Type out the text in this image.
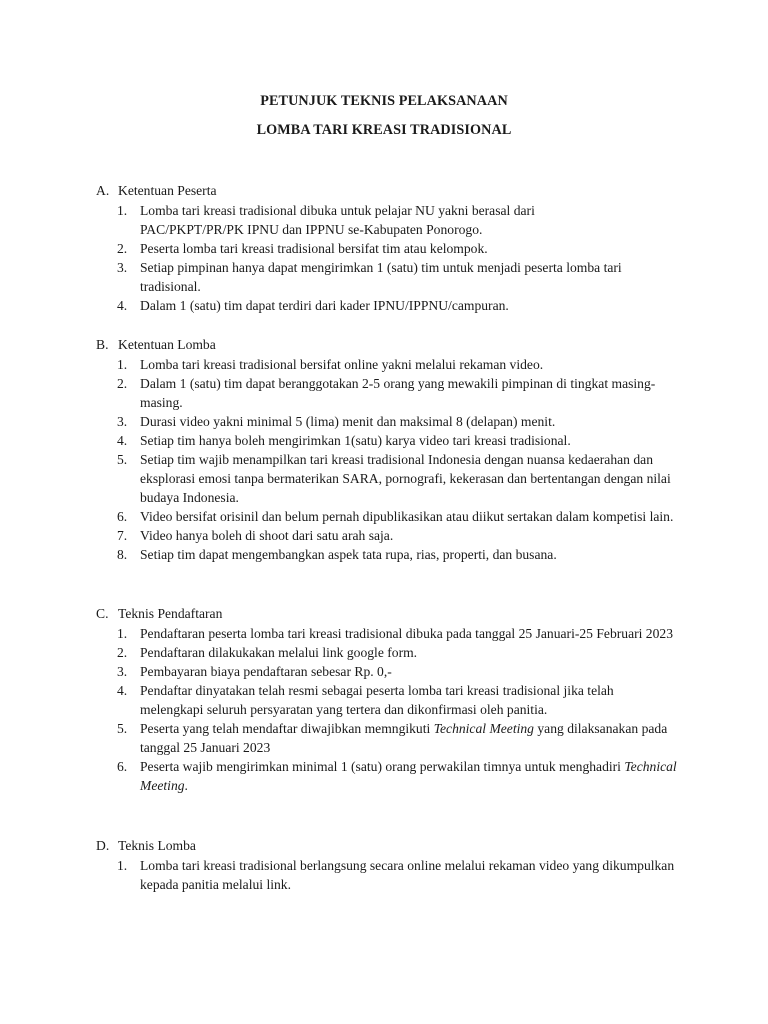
PETUNJUK TEKNIS PELAKSANAAN
LOMBA TARI KREASI TRADISIONAL
A. Ketentuan Peserta
1. Lomba tari kreasi tradisional dibuka untuk pelajar NU yakni berasal dari PAC/PKPT/PR/PK IPNU dan IPPNU se-Kabupaten Ponorogo.
2. Peserta lomba tari kreasi tradisional bersifat tim atau kelompok.
3. Setiap pimpinan hanya dapat mengirimkan 1 (satu) tim untuk menjadi peserta lomba tari tradisional.
4. Dalam 1 (satu) tim dapat terdiri dari kader IPNU/IPPNU/campuran.
B. Ketentuan Lomba
1. Lomba tari kreasi tradisional bersifat online yakni melalui rekaman video.
2. Dalam 1 (satu) tim dapat beranggotakan 2-5 orang yang mewakili pimpinan di tingkat masing-masing.
3. Durasi video yakni minimal 5 (lima) menit dan maksimal 8 (delapan) menit.
4. Setiap tim hanya boleh mengirimkan 1(satu) karya video tari kreasi tradisional.
5. Setiap tim wajib menampilkan tari kreasi tradisional Indonesia dengan nuansa kedaerahan dan eksplorasi emosi tanpa bermaterikan SARA, pornografi, kekerasan dan bertentangan dengan nilai budaya Indonesia.
6. Video bersifat orisinil dan belum pernah dipublikasikan atau diikut sertakan dalam kompetisi lain.
7. Video hanya boleh di shoot dari satu arah saja.
8. Setiap tim dapat mengembangkan aspek tata rupa, rias, properti, dan busana.
C. Teknis Pendaftaran
1. Pendaftaran peserta lomba tari kreasi tradisional dibuka pada tanggal 25 Januari-25 Februari 2023
2. Pendaftaran dilakukakan melalui link google form.
3. Pembayaran biaya pendaftaran sebesar Rp. 0,-
4. Pendaftar dinyatakan telah resmi sebagai peserta lomba tari kreasi tradisional jika telah melengkapi seluruh persyaratan yang tertera dan dikonfirmasi oleh panitia.
5. Peserta yang telah mendaftar diwajibkan memngikuti Technical Meeting yang dilaksanakan pada tanggal 25 Januari 2023
6. Peserta wajib mengirimkan minimal 1 (satu) orang perwakilan timnya untuk menghadiri Technical Meeting.
D. Teknis Lomba
1. Lomba tari kreasi tradisional berlangsung secara online melalui rekaman video yang dikumpulkan kepada panitia melalui link.
